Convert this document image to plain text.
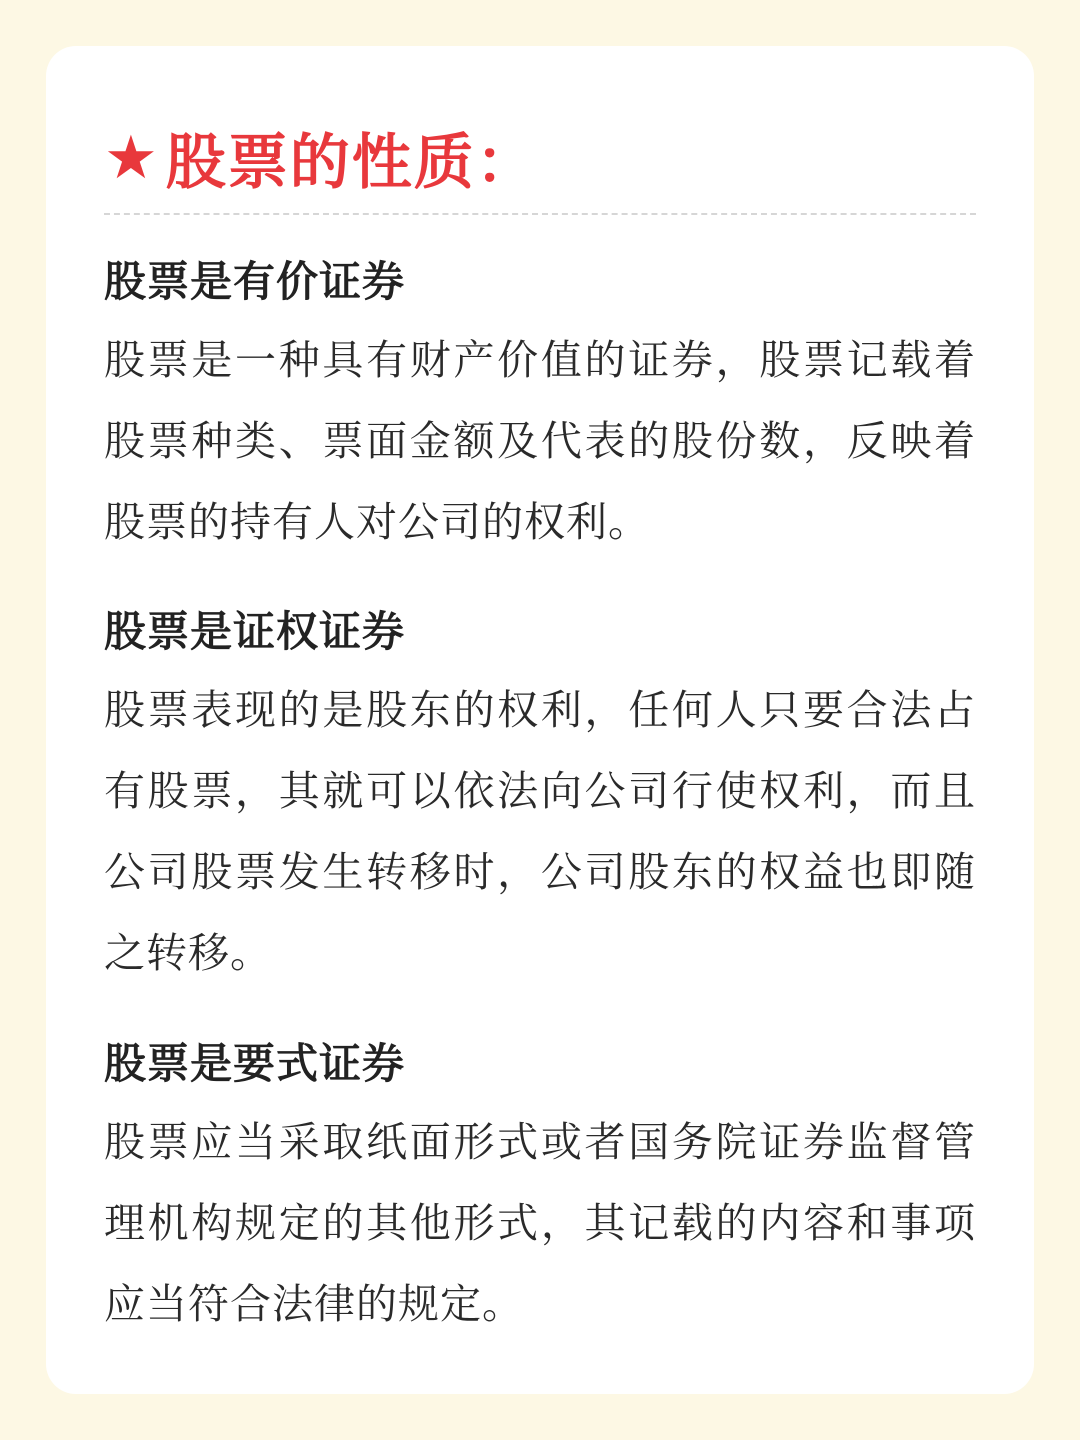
★ 股票的性质：
股票是有价证券

股票是一种具有财产价值的证券，股票记载着股票种类、票面金额及代表的股份数，反映着股票的持有人对公司的权利。

股票是证权证券

股票表现的是股东的权利，任何人只要合法占有股票，其就可以依法向公司行使权利，而且公司股票发生转移时，公司股东的权益也即随之转移。

股票是要式证券

股票应当采取纸面形式或者国务院证券监督管理机构规定的其他形式，其记载的内容和事项应当符合法律的规定。
